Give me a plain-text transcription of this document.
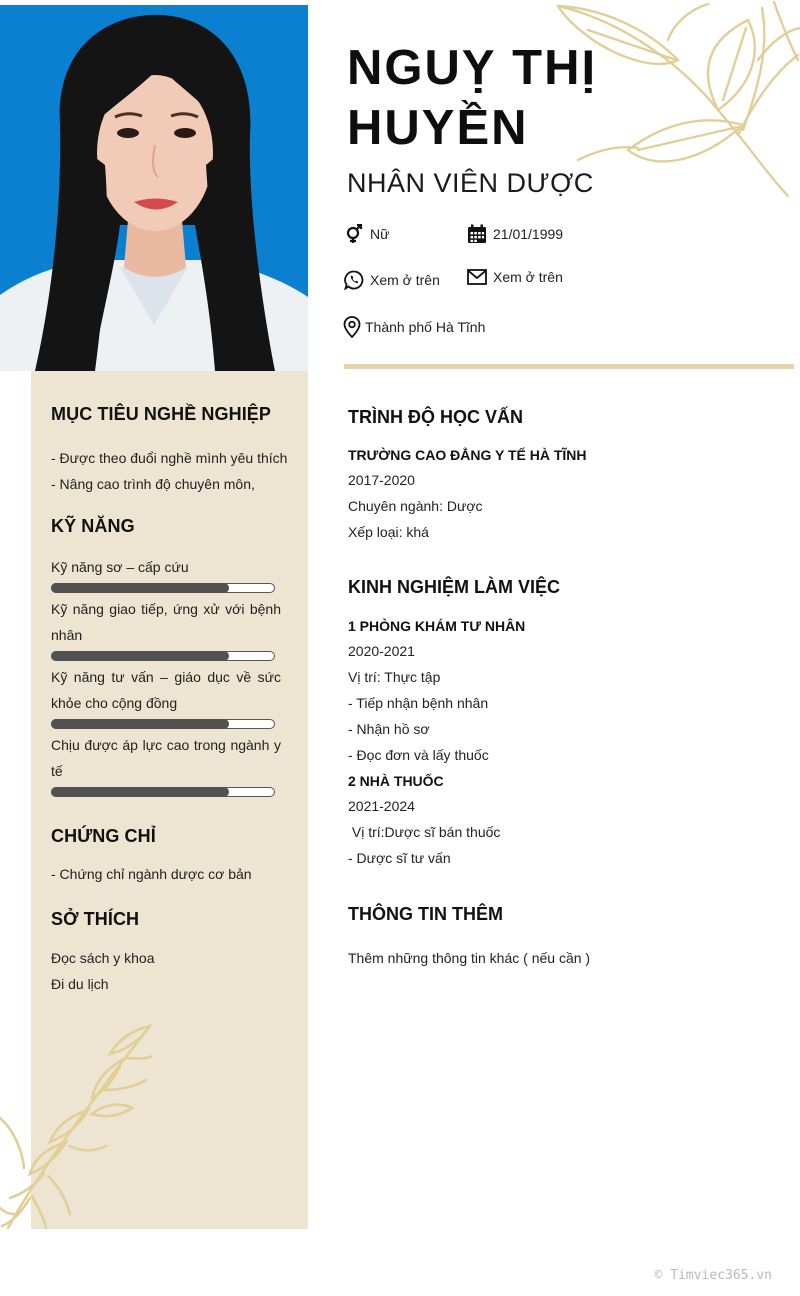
NGUỴ THỊ HUYỀN
NHÂN VIÊN DƯỢC
Nữ	21/01/1999
Xem ở trên	Xem ở trên
Thành phố Hà Tĩnh
MỤC TIÊU NGHỀ NGHIỆP
- Được theo đuổi nghề mình yêu thích
- Nâng cao trình độ chuyên môn,
KỸ NĂNG
Kỹ năng sơ – cấp cứu
Kỹ năng giao tiếp, ứng xử với bệnh nhân
Kỹ năng tư vấn – giáo dục về sức khỏe cho cộng đồng
Chịu được áp lực cao trong ngành y tế
CHỨNG CHỈ
- Chứng chỉ ngành dược cơ bản
SỞ THÍCH
Đọc sách y khoa
Đi du lịch
TRÌNH ĐỘ HỌC VẤN
TRƯỜNG CAO ĐẲNG Y TẾ HÀ TĨNH
2017-2020
Chuyên ngành: Dược
Xếp loại: khá
KINH NGHIỆM LÀM VIỆC
1 PHÒNG KHÁM TƯ NHÂN
2020-2021
Vị trí: Thực tập
- Tiếp nhận bệnh nhân
- Nhận hồ sơ
- Đọc đơn và lấy thuốc
2 NHÀ THUỐC
2021-2024
Vị trí:Dược sĩ bán thuốc
- Dược sĩ tư vấn
THÔNG TIN THÊM
Thêm những thông tin khác ( nếu cần )
© Timviec365.vn
